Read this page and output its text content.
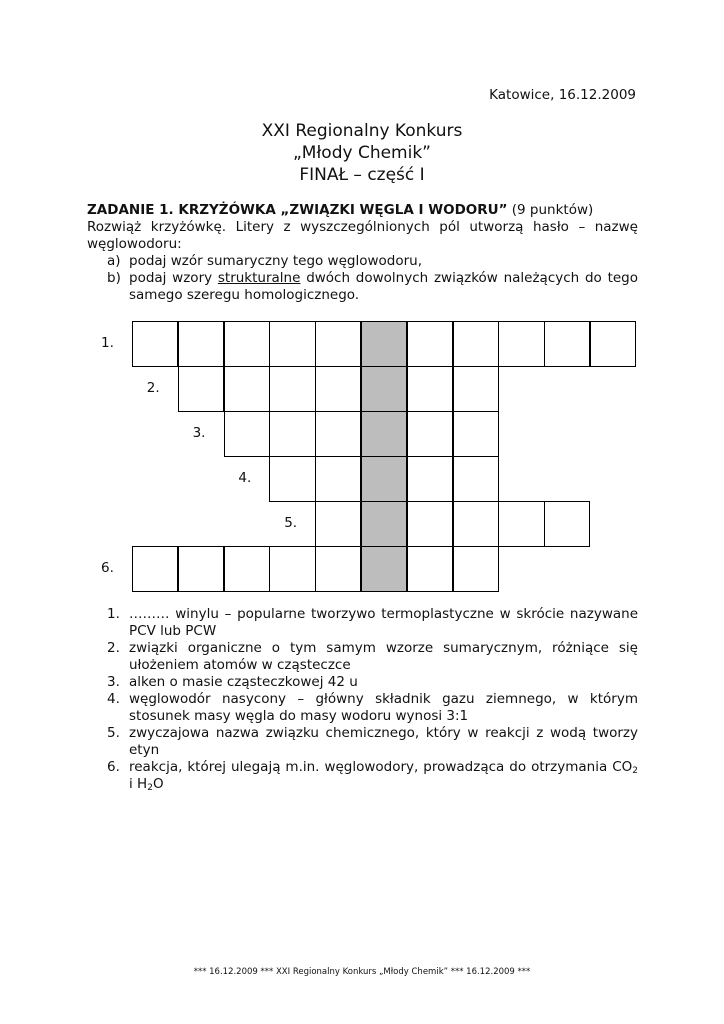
Katowice, 16.12.2009
XXI Regionalny Konkurs
„Młody Chemik”
FINAŁ – część I
ZADANIE 1. KRZYŻÓWKA „ZWIĄZKI WĘGLA I WODORU” (9 punktów)
Rozwiąż krzyżówkę. Litery z wyszczególnionych pól utworzą hasło – nazwę węglowodoru:
a) podaj wzór sumaryczny tego węglowodoru,
b) podaj wzory strukturalne dwóch dowolnych związków należących do tego samego szeregu homologicznego.
1.
2.
3.
4.
5.
6.
1. ……… winylu – popularne tworzywo termoplastyczne w skrócie nazywane PCV lub PCW
2. związki organiczne o tym samym wzorze sumarycznym, różniące się ułożeniem atomów w cząsteczce
3. alken o masie cząsteczkowej 42 u
4. węglowodór nasycony – główny składnik gazu ziemnego, w którym stosunek masy węgla do masy wodoru wynosi 3:1
5. zwyczajowa nazwa związku chemicznego, który w reakcji z wodą tworzy etyn
6. reakcja, której ulegają m.in. węglowodory, prowadząca do otrzymania $CO_2$ i $H_2O$
*** 16.12.2009 *** XXI Regionalny Konkurs „Młody Chemik” *** 16.12.2009 ***
